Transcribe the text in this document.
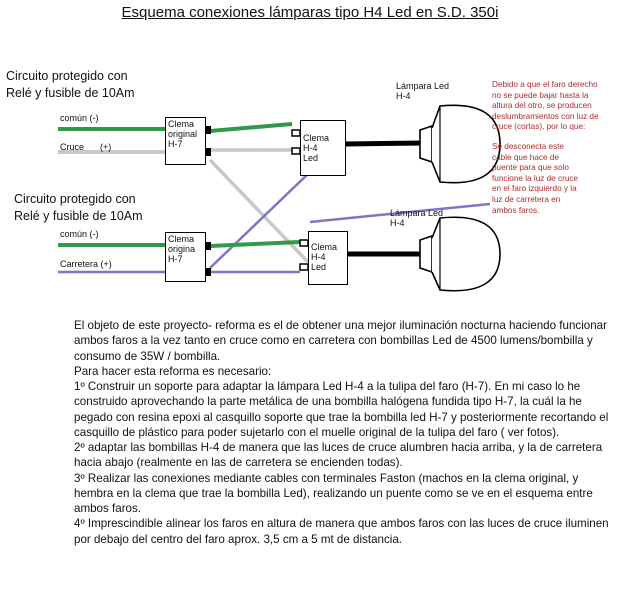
Esquema conexiones lámparas tipo H4 Led en S.D. 350i
Circuito protegido con
Relé y fusible de 10Am
común (-)
Cruce (+)
Circuito protegido con
Relé y fusible de 10Am
común (-)
Carretera (+)
Clema
original
H-7
Clema
origina
H-7
Clema
H-4
Led
Clema
H-4
Led
Lámpara Led
H-4
Lámpara Led
H-4
Debido a que el faro derecho
no se puede bajar hasta la
altura del otro, se producen
deslumbramientos con luz de
cruce (cortas), por lo que:
Se desconecta este
cable que hace de
puente para que solo
funcione la luz de cruce
en el faro izquierdo y la
luz de carretera en
ambos faros.

El objeto de este proyecto- reforma es el de obtener una mejor iluminación nocturna haciendo funcionar ambos faros a la vez tanto en cruce como en carretera con bombillas Led de 4500 lumens/bombilla y consumo de 35W / bombilla.

Para hacer esta reforma es necesario:

1º Construir un soporte para adaptar la lámpara Led H-4 a la tulipa del faro (H-7). En mi caso lo he construido aprovechando la parte metálica de una bombilla halógena fundida tipo H-7, la cuál la he pegado con resina epoxi al casquillo soporte que trae la bombilla led H-7 y posteriormente recortando el casquillo de plástico para poder sujetarlo con el muelle original de la tulipa del faro ( ver fotos).

2º adaptar las bombillas H-4 de manera que las luces de cruce alumbren hacia arriba, y la de carretera hacia abajo (realmente en las de carretera se encienden todas).

3º Realizar las conexiones mediante cables con terminales Faston (machos en la clema original, y hembra en la clema que trae la bombilla Led), realizando un puente como se ve en el esquema entre ambos faros.

4º Imprescindible alinear los faros en altura de manera que ambos faros con las luces de cruce iluminen por debajo del centro del faro aprox. 3,5 cm a 5 mt de distancia.
